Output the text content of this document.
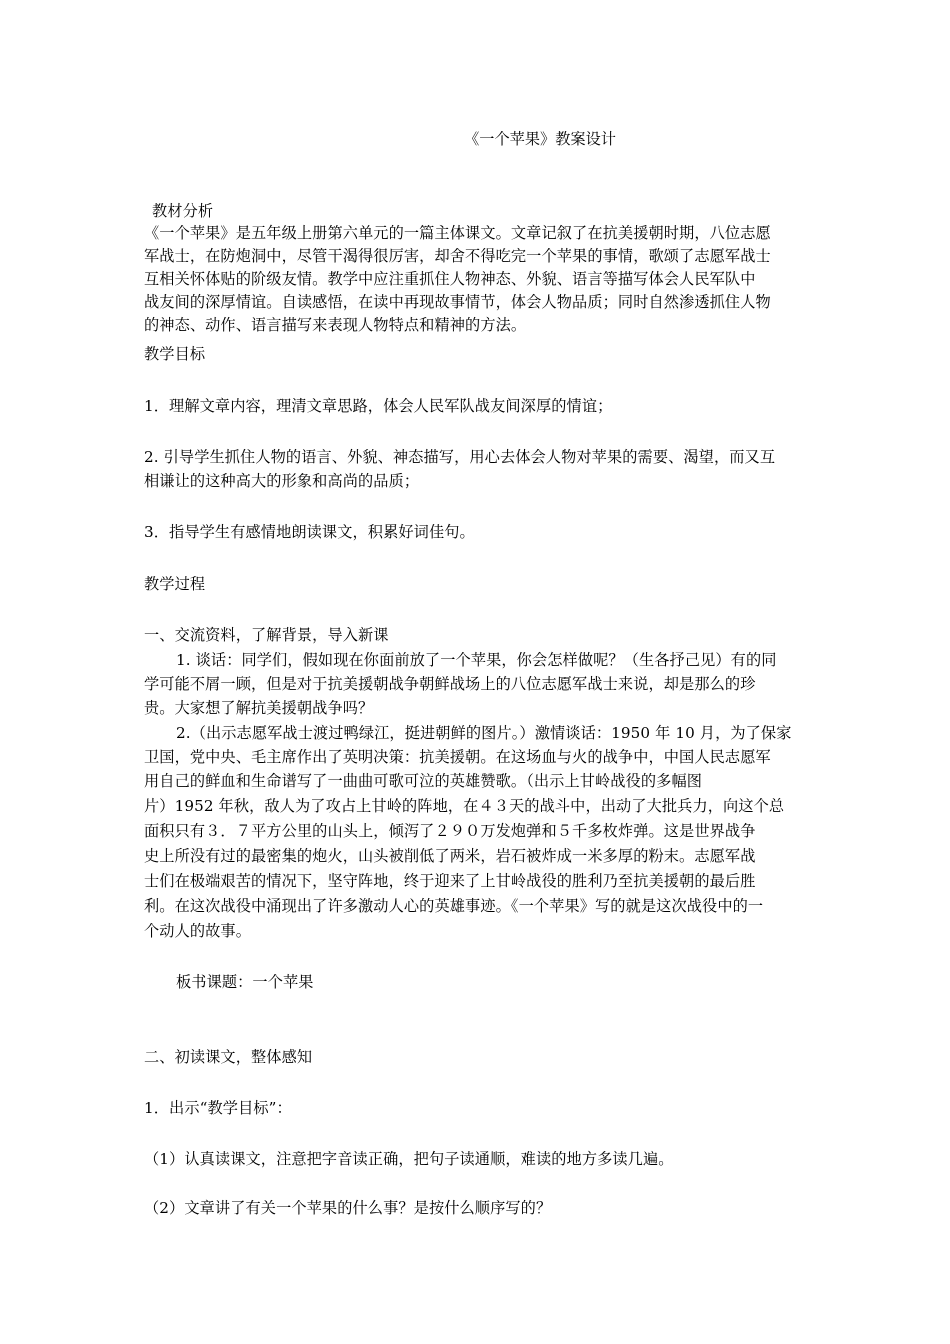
《一个苹果》教案设计
教材分析
《一个苹果》是五年级上册第六单元的一篇主体课文。文章记叙了在抗美援朝时期，八位志愿
军战士，在防炮洞中，尽管干渴得很厉害，却舍不得吃完一个苹果的事情，歌颂了志愿军战士
互相关怀体贴的阶级友情。教学中应注重抓住人物神态、外貌、语言等描写体会人民军队中
战友间的深厚情谊。自读感悟，在读中再现故事情节，体会人物品质；同时自然渗透抓住人物
的神态、动作、语言描写来表现人物特点和精神的方法。
教学目标
1．理解文章内容，理清文章思路，体会人民军队战友间深厚的情谊；
2. 引导学生抓住人物的语言、外貌、神态描写，用心去体会人物对苹果的需要、渴望，而又互
相谦让的这种高大的形象和高尚的品质；
3．指导学生有感情地朗读课文，积累好词佳句。
教学过程
一、交流资料，了解背景，导入新课
1. 谈话：同学们，假如现在你面前放了一个苹果，你会怎样做呢？（生各抒己见）有的同
学可能不屑一顾，但是对于抗美援朝战争朝鲜战场上的八位志愿军战士来说，却是那么的珍
贵。大家想了解抗美援朝战争吗？
2.（出示志愿军战士渡过鸭绿江，挺进朝鲜的图片。）激情谈话：1950 年 10 月，为了保家
卫国，党中央、毛主席作出了英明决策：抗美援朝。在这场血与火的战争中，中国人民志愿军
用自己的鲜血和生命谱写了一曲曲可歌可泣的英雄赞歌。（出示上甘岭战役的多幅图
片）1952 年秋，敌人为了攻占上甘岭的阵地，在４３天的战斗中，出动了大批兵力，向这个总
面积只有３．７平方公里的山头上，倾泻了２９０万发炮弹和５千多枚炸弹。这是世界战争
史上所没有过的最密集的炮火，山头被削低了两米，岩石被炸成一米多厚的粉末。志愿军战
士们在极端艰苦的情况下，坚守阵地，终于迎来了上甘岭战役的胜利乃至抗美援朝的最后胜
利。在这次战役中涌现出了许多激动人心的英雄事迹。《一个苹果》写的就是这次战役中的一
个动人的故事。
板书课题：一个苹果
二、初读课文，整体感知
1．出示“教学目标”：
（1）认真读课文，注意把字音读正确，把句子读通顺，难读的地方多读几遍。
（2）文章讲了有关一个苹果的什么事？是按什么顺序写的？
